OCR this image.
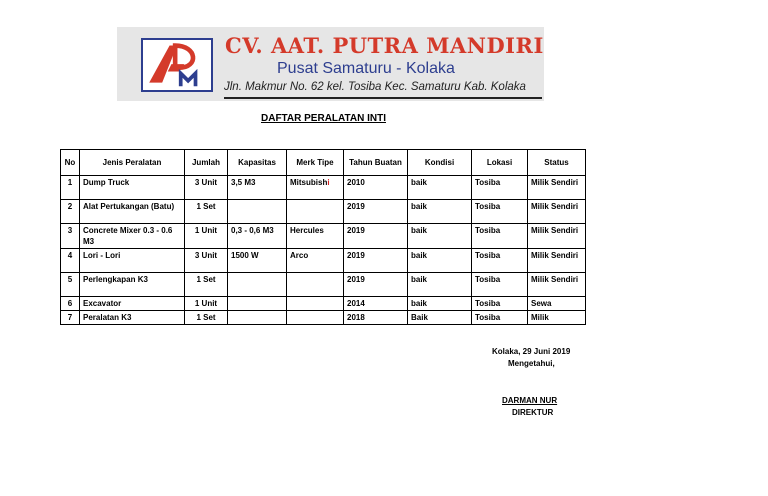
CV. AAT. PUTRA MANDIRI
Pusat Samaturu - Kolaka
Jln. Makmur No. 62 kel. Tosiba Kec. Samaturu Kab. Kolaka
DAFTAR PERALATAN INTI
No	Jenis Peralatan	Jumlah	Kapasitas	Merk Tipe	Tahun Buatan	Kondisi	Lokasi	Status
1	Dump Truck	3 Unit	3,5 M3	Mitsubishi	2010	baik	Tosiba	Milik Sendiri
2	Alat Pertukangan (Batu)	1 Set			2019	baik	Tosiba	Milik Sendiri
3	Concrete Mixer 0.3 - 0.6 M3	1 Unit	0,3 - 0,6 M3	Hercules	2019	baik	Tosiba	Milik Sendiri
4	Lori - Lori	3 Unit	1500 W	Arco	2019	baik	Tosiba	Milik Sendiri
5	Perlengkapan K3	1 Set			2019	baik	Tosiba	Milik Sendiri
6	Excavator	1 Unit			2014	baik	Tosiba	Sewa
7	Peralatan K3	1 Set			2018	Baik	Tosiba	Milik
Kolaka, 29 Juni 2019
Mengetahui,
DARMAN NUR
DIREKTUR
